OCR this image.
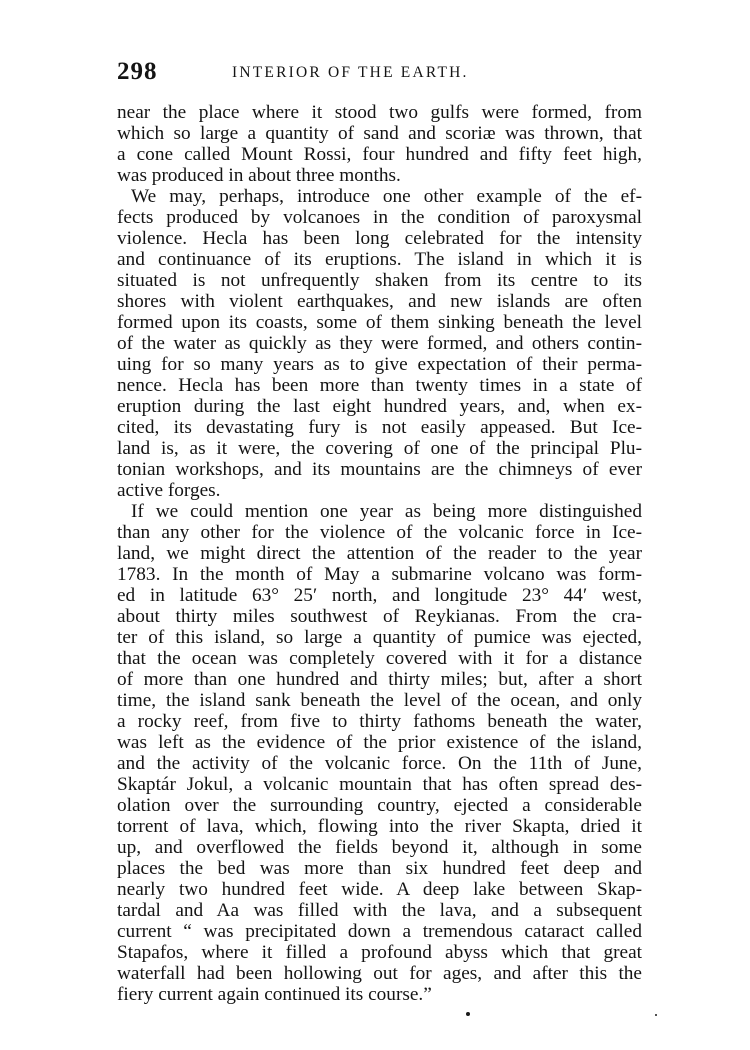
298	INTERIOR OF THE EARTH.
near the place where it stood two gulfs were formed, from
which so large a quantity of sand and scoriæ was thrown, that
a cone called Mount Rossi, four hundred and fifty feet high,
was produced in about three months.
We may, perhaps, introduce one other example of the ef-
fects produced by volcanoes in the condition of paroxysmal
violence. Hecla has been long celebrated for the intensity
and continuance of its eruptions. The island in which it is
situated is not unfrequently shaken from its centre to its
shores with violent earthquakes, and new islands are often
formed upon its coasts, some of them sinking beneath the level
of the water as quickly as they were formed, and others contin-
uing for so many years as to give expectation of their perma-
nence. Hecla has been more than twenty times in a state of
eruption during the last eight hundred years, and, when ex-
cited, its devastating fury is not easily appeased. But Ice-
land is, as it were, the covering of one of the principal Plu-
tonian workshops, and its mountains are the chimneys of ever
active forges.
If we could mention one year as being more distinguished
than any other for the violence of the volcanic force in Ice-
land, we might direct the attention of the reader to the year
1783. In the month of May a submarine volcano was form-
ed in latitude 63° 25′ north, and longitude 23° 44′ west,
about thirty miles southwest of Reykianas. From the cra-
ter of this island, so large a quantity of pumice was ejected,
that the ocean was completely covered with it for a distance
of more than one hundred and thirty miles; but, after a short
time, the island sank beneath the level of the ocean, and only
a rocky reef, from five to thirty fathoms beneath the water,
was left as the evidence of the prior existence of the island,
and the activity of the volcanic force. On the 11th of June,
Skaptár Jokul, a volcanic mountain that has often spread des-
olation over the surrounding country, ejected a considerable
torrent of lava, which, flowing into the river Skapta, dried it
up, and overflowed the fields beyond it, although in some
places the bed was more than six hundred feet deep and
nearly two hundred feet wide. A deep lake between Skap-
tardal and Aa was filled with the lava, and a subsequent
current “ was precipitated down a tremendous cataract called
Stapafos, where it filled a profound abyss which that great
waterfall had been hollowing out for ages, and after this the
fiery current again continued its course.”
